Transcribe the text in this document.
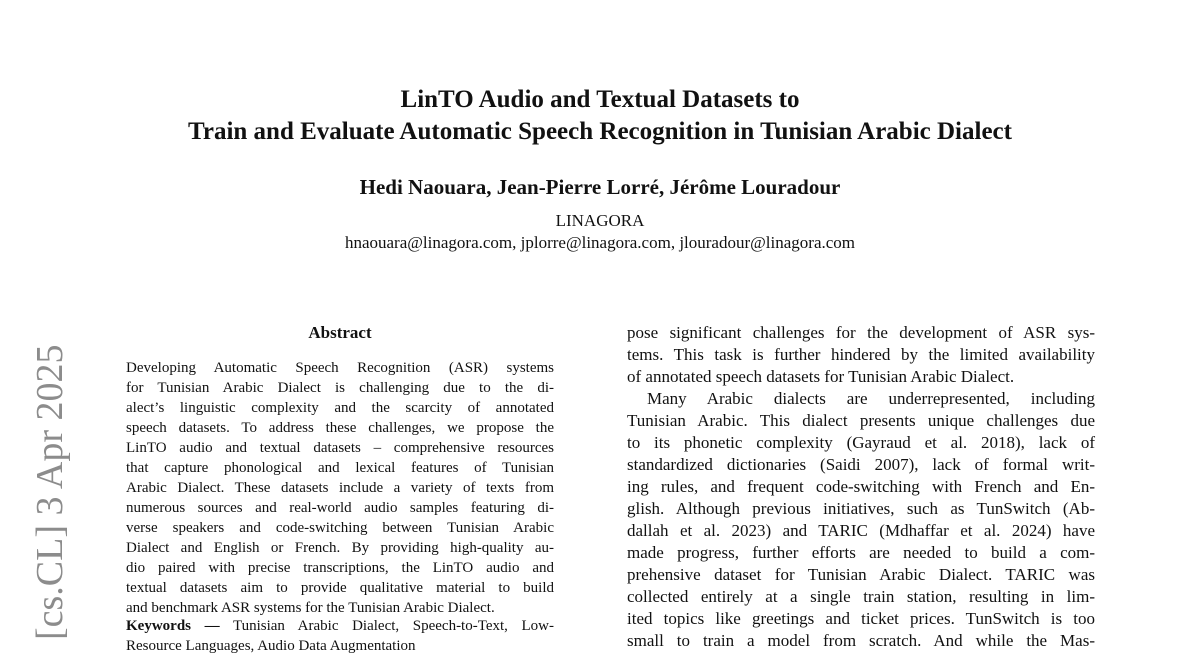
LinTO Audio and Textual Datasets to
Train and Evaluate Automatic Speech Recognition in Tunisian Arabic Dialect
Hedi Naouara, Jean-Pierre Lorré, Jérôme Louradour
LINAGORA
hnaouara@linagora.com, jplorre@linagora.com, jlouradour@linagora.com
[cs.CL] 3 Apr 2025
Abstract
Developing Automatic Speech Recognition (ASR) systems
for Tunisian Arabic Dialect is challenging due to the di-
alect’s linguistic complexity and the scarcity of annotated
speech datasets. To address these challenges, we propose the
LinTO audio and textual datasets – comprehensive resources
that capture phonological and lexical features of Tunisian
Arabic Dialect. These datasets include a variety of texts from
numerous sources and real-world audio samples featuring di-
verse speakers and code-switching between Tunisian Arabic
Dialect and English or French. By providing high-quality au-
dio paired with precise transcriptions, the LinTO audio and
textual datasets aim to provide qualitative material to build
and benchmark ASR systems for the Tunisian Arabic Dialect.
Keywords — Tunisian Arabic Dialect, Speech-to-Text, Low-
Resource Languages, Audio Data Augmentation
pose significant challenges for the development of ASR sys-
tems. This task is further hindered by the limited availability
of annotated speech datasets for Tunisian Arabic Dialect.
Many Arabic dialects are underrepresented, including
Tunisian Arabic. This dialect presents unique challenges due
to its phonetic complexity (Gayraud et al. 2018), lack of
standardized dictionaries (Saidi 2007), lack of formal writ-
ing rules, and frequent code-switching with French and En-
glish. Although previous initiatives, such as TunSwitch (Ab-
dallah et al. 2023) and TARIC (Mdhaffar et al. 2024) have
made progress, further efforts are needed to build a com-
prehensive dataset for Tunisian Arabic Dialect. TARIC was
collected entirely at a single train station, resulting in lim-
ited topics like greetings and ticket prices. TunSwitch is too
small to train a model from scratch. And while the Mas-
